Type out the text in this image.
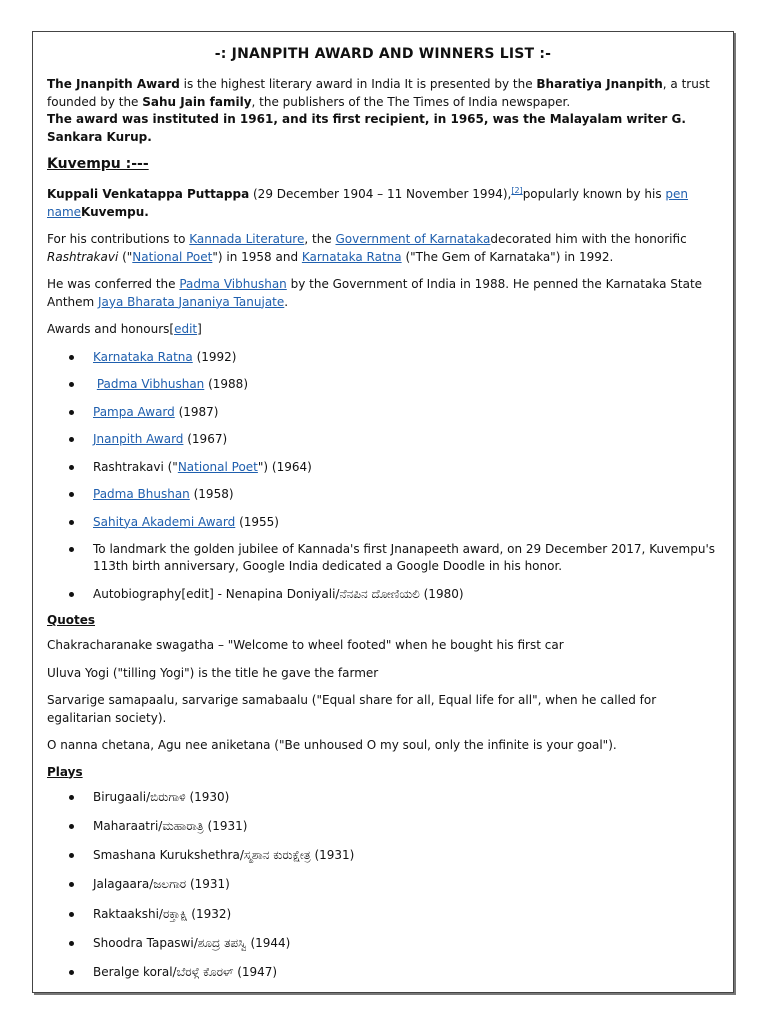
-: JNANPITH AWARD AND WINNERS LIST :-

The Jnanpith Award is the highest literary award in India It is presented by the Bharatiya Jnanpith, a trust founded by the Sahu Jain family, the publishers of the The Times of India newspaper.

The award was instituted in 1961, and its first recipient, in 1965, was the Malayalam writer G. Sankara Kurup.

Kuvempu :---

Kuppali Venkatappa Puttappa (29 December 1904 – 11 November 1994),[2]popularly known by his pen nameKuvempu.

For his contributions to Kannada Literature, the Government of Karnatakadecorated him with the honorific Rashtrakavi ("National Poet") in 1958 and Karnataka Ratna ("The Gem of Karnataka") in 1992.

He was conferred the Padma Vibhushan by the Government of India in 1988. He penned the Karnataka State Anthem Jaya Bharata Jananiya Tanujate.

Awards and honours[edit]

Karnataka Ratna (1992)
Padma Vibhushan (1988)
Pampa Award (1987)
Jnanpith Award (1967)
Rashtrakavi ("National Poet") (1964)
Padma Bhushan (1958)
Sahitya Akademi Award (1955)
To landmark the golden jubilee of Kannada's first Jnanapeeth award, on 29 December 2017, Kuvempu's 113th birth anniversary, Google India dedicated a Google Doodle in his honor.
Autobiography[edit] - Nenapina Doniyali/ನೆನಪಿನ ದೋಣಿಯಲಿ (1980)
Quotes

Chakracharanake swagatha – "Welcome to wheel footed" when he bought his first car

Uluva Yogi ("tilling Yogi") is the title he gave the farmer

Sarvarige samapaalu, sarvarige samabaalu ("Equal share for all, Equal life for all", when he called for egalitarian society).

O nanna chetana, Agu nee aniketana ("Be unhoused O my soul, only the infinite is your goal").

Plays
Birugaali/ಬಿರುಗಾಳಿ (1930)
Maharaatri/ಮಹಾರಾತ್ರಿ (1931)
Smashana Kurukshethra/ಸ್ಮಶಾನ ಕುರುಕ್ಷೇತ್ರ (1931)
Jalagaara/ಜಲಗಾರ (1931)
Raktaakshi/ರಕ್ತಾಕ್ಷಿ (1932)
Shoodra Tapaswi/ಶೂದ್ರ ತಪಸ್ವಿ (1944)
Beralge koral/ಬೆರಳ್ಗೆ ಕೊರಳ್ (1947)
